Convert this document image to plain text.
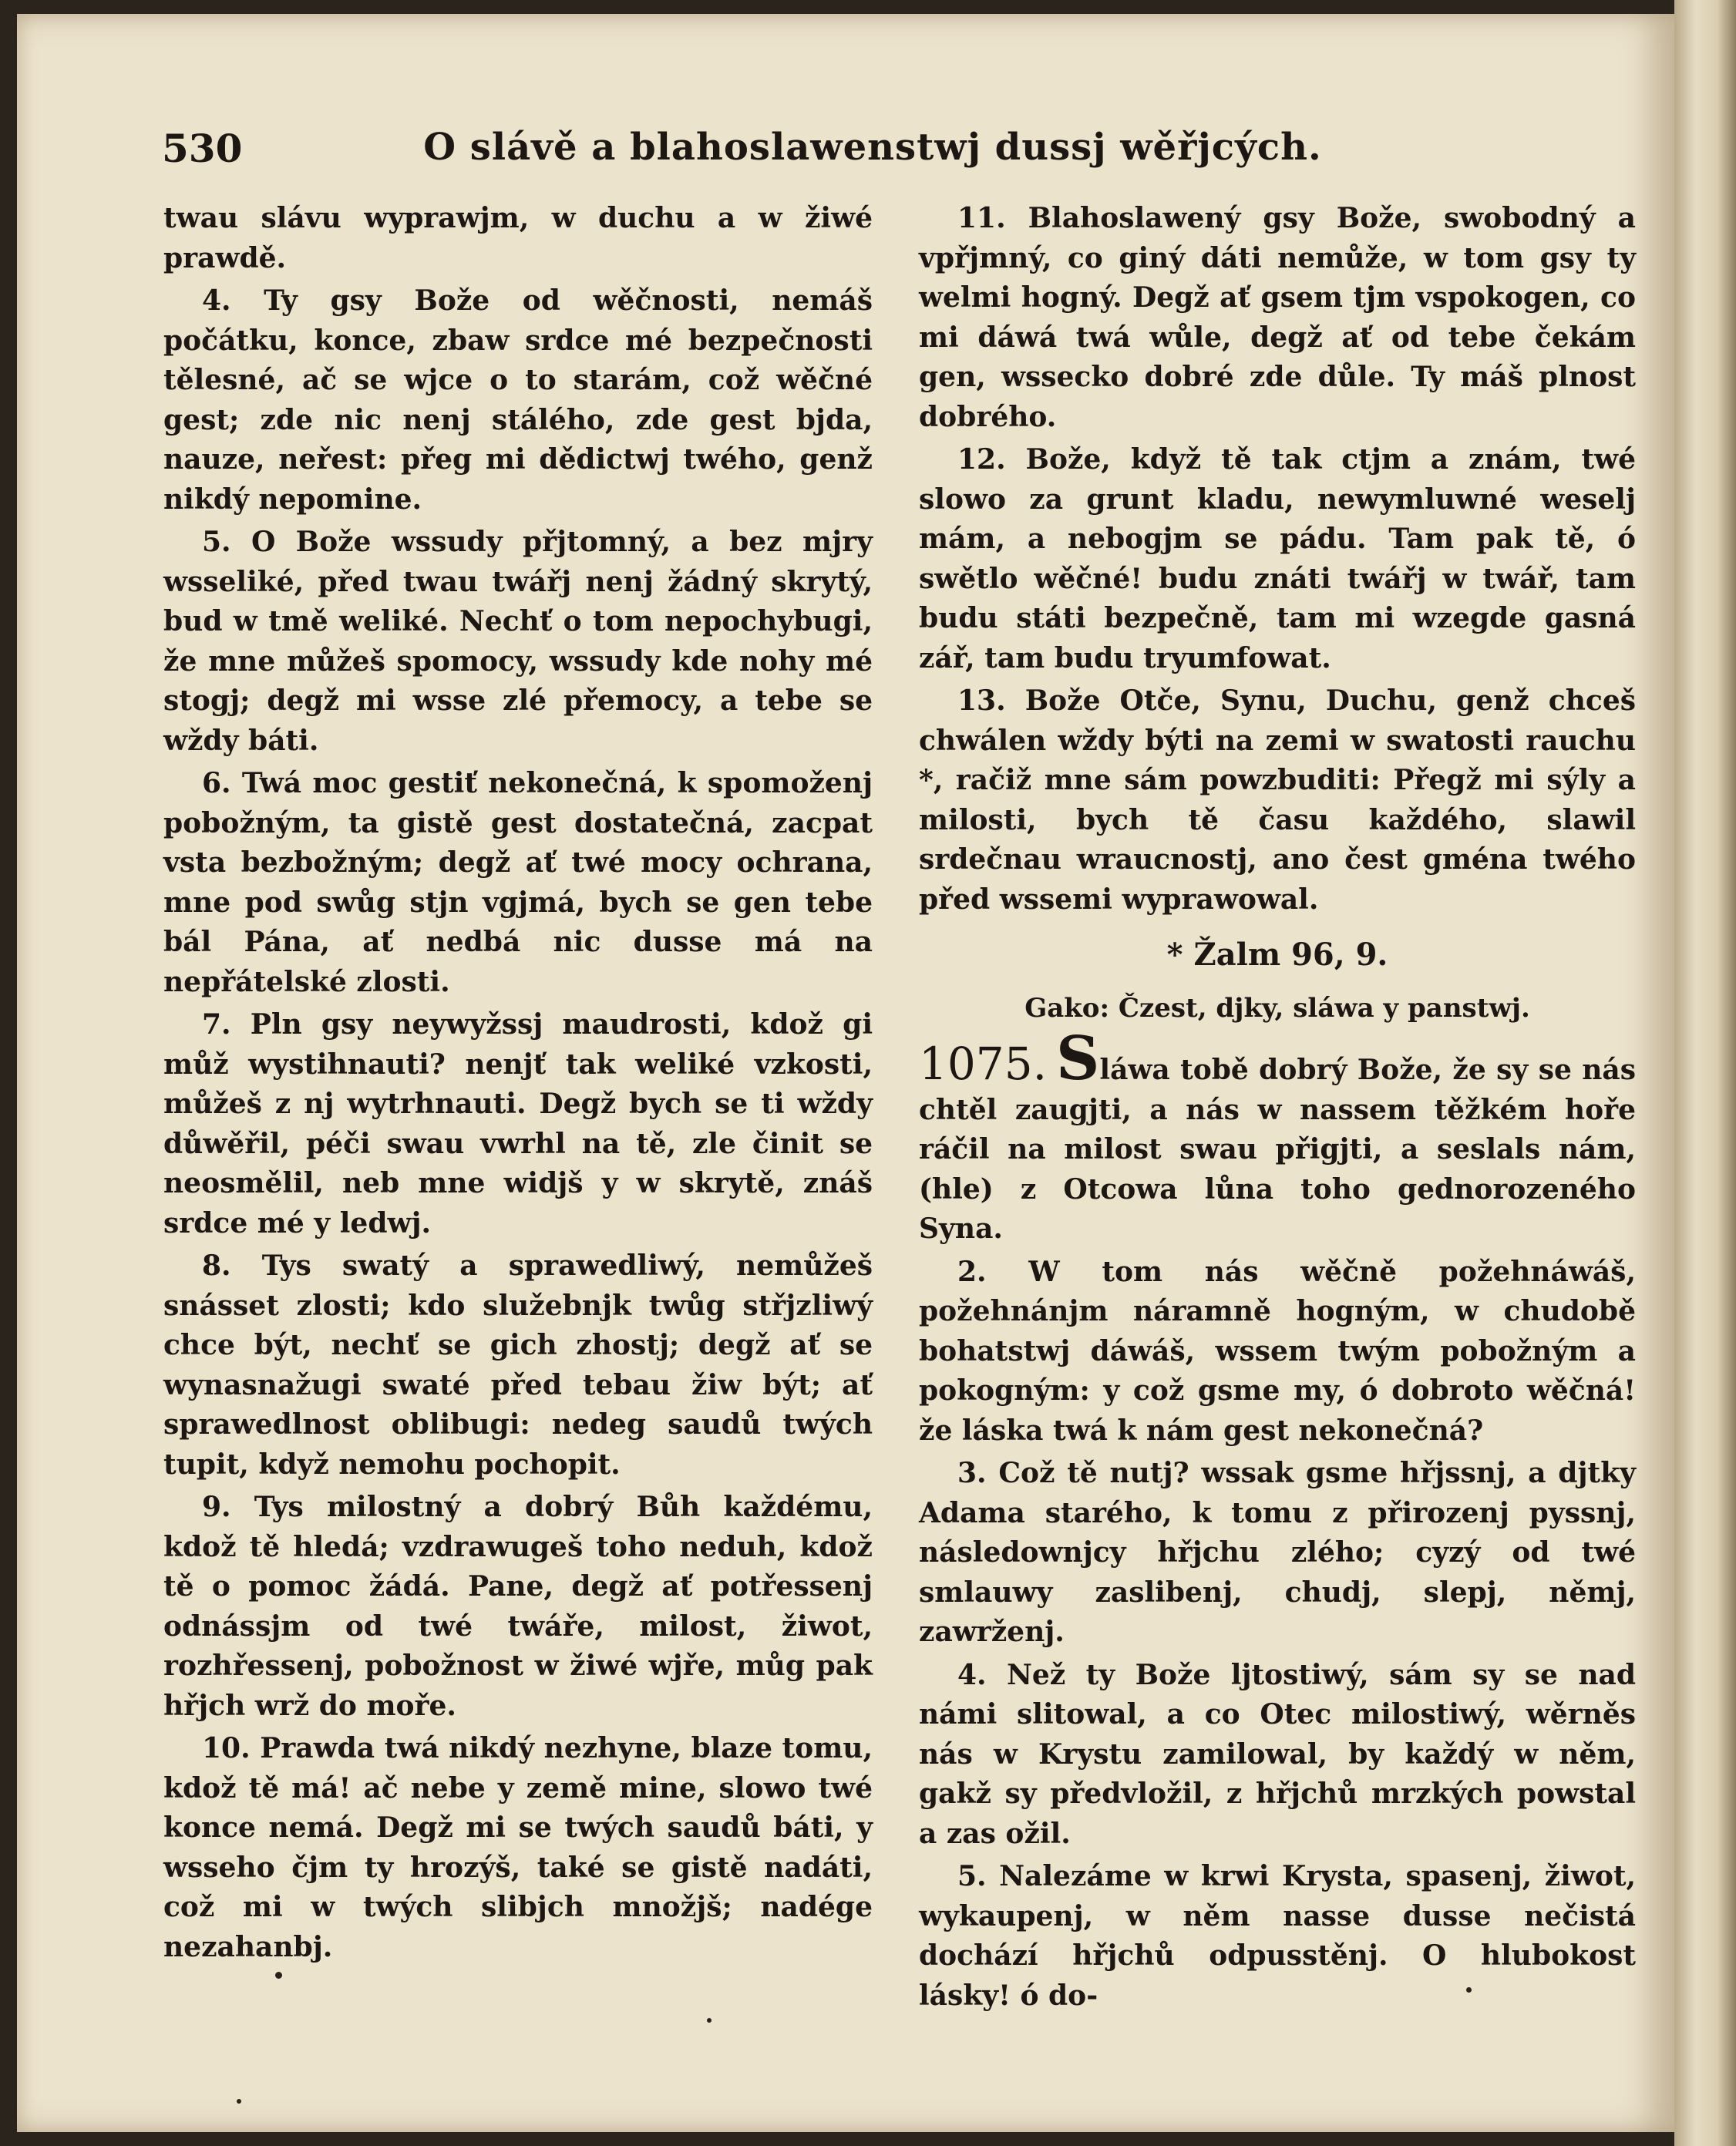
530	O slávě a blahoslawenstwj dussj wěřjcých.

twau slávu wyprawjm, w duchu a w žiwé prawdě.

4. Ty gsy Bože od wěčnosti, nemáš počátku, konce, zbaw srdce mé bezpečnosti tělesné, ač se wjce o to starám, což wěčné gest; zde nic nenj stálého, zde gest bjda, nauze, neřest: přeg mi dědictwj twého, genž nikdý nepomine.

5. O Bože wssudy přjtomný, a bez mjry wsseliké, před twau twářj nenj žádný skrytý, bud w tmě weliké. Nechť o tom nepochybugi, že mne můžeš spomocy, wssudy kde nohy mé stogj; degž mi wsse zlé přemocy, a tebe se wždy báti.

6. Twá moc gestiť nekonečná, k spomoženj pobožným, ta gistě gest dostatečná, zacpat vsta bezbožným; degž ať twé mocy ochrana, mne pod swůg stjn vgjmá, bych se gen tebe bál Pána, ať nedbá nic dusse má na nepřátelské zlosti.

7. Pln gsy neywyžssj maudrosti, kdož gi můž wystihnauti? nenjť tak weliké vzkosti, můžeš z nj wytrhnauti. Degž bych se ti wždy důwěřil, péči swau vwrhl na tě, zle činit se neosmělil, neb mne widjš y w skrytě, znáš srdce mé y ledwj.

8. Tys swatý a sprawedliwý, nemůžeš snásset zlosti; kdo služebnjk twůg střjzliwý chce být, nechť se gich zhostj; degž ať se wynasnažugi swaté před tebau žiw být; ať sprawedlnost oblibugi: nedeg saudů twých tupit, když nemohu pochopit.

9. Tys milostný a dobrý Bůh každému, kdož tě hledá; vzdrawugeš toho neduh, kdož tě o pomoc žádá. Pane, degž ať potřessenj odnássjm od twé twáře, milost, žiwot, rozhřessenj, pobožnost w žiwé wjře, můg pak hřjch wrž do moře.

10. Prawda twá nikdý nezhyne, blaze tomu, kdož tě má! ač nebe y země mine, slowo twé konce nemá. Degž mi se twých saudů báti, y wsseho čjm ty hrozýš, také se gistě nadáti, což mi w twých slibjch množjš; nadége nezahanbj.

11. Blahoslawený gsy Bože, swobodný a vpřjmný, co giný dáti nemůže, w tom gsy ty welmi hogný. Degž ať gsem tjm vspokogen, co mi dáwá twá wůle, degž ať od tebe čekám gen, wssecko dobré zde důle. Ty máš plnost dobrého.

12. Bože, když tě tak ctjm a znám, twé slowo za grunt kladu, newymluwné weselj mám, a nebogjm se pádu. Tam pak tě, ó swětlo wěčné! budu znáti twářj w twář, tam budu státi bezpečně, tam mi wzegde gasná zář, tam budu tryumfowat.

13. Bože Otče, Synu, Duchu, genž chceš chwálen wždy býti na zemi w swatosti rauchu *, račiž mne sám powzbuditi: Přegž mi sýly a milosti, bych tě času každého, slawil srdečnau wraucnostj, ano čest gména twého před wssemi wyprawowal.

* Žalm 96, 9.

Gako: Čzest, djky, sláwa y panstwj.

1075. Sláwa tobě dobrý Bože, že sy se nás chtěl zaugjti, a nás w nassem těžkém hoře ráčil na milost swau přigjti, a seslals nám, (hle) z Otcowa lůna toho gednorozeného Syna.

2. W tom nás wěčně požehnáwáš, požehnánjm náramně hogným, w chudobě bohatstwj dáwáš, wssem twým pobožným a pokogným: y což gsme my, ó dobroto wěčná! že láska twá k nám gest nekonečná?

3. Což tě nutj? wssak gsme hřjssnj, a djtky Adama starého, k tomu z přirozenj pyssnj, následownjcy hřjchu zlého; cyzý od twé smlauwy zaslibenj, chudj, slepj, němj, zawrženj.

4. Než ty Bože ljtostiwý, sám sy se nad námi slitowal, a co Otec milostiwý, wěrněs nás w Krystu zamilowal, by každý w něm, gakž sy předvložil, z hřjchů mrzkých powstal a zas ožil.

5. Nalezáme w krwi Krysta, spasenj, žiwot, wykaupenj, w něm nasse dusse nečistá dochází hřjchů odpusstěnj. O hlubokost lásky! ó do-
